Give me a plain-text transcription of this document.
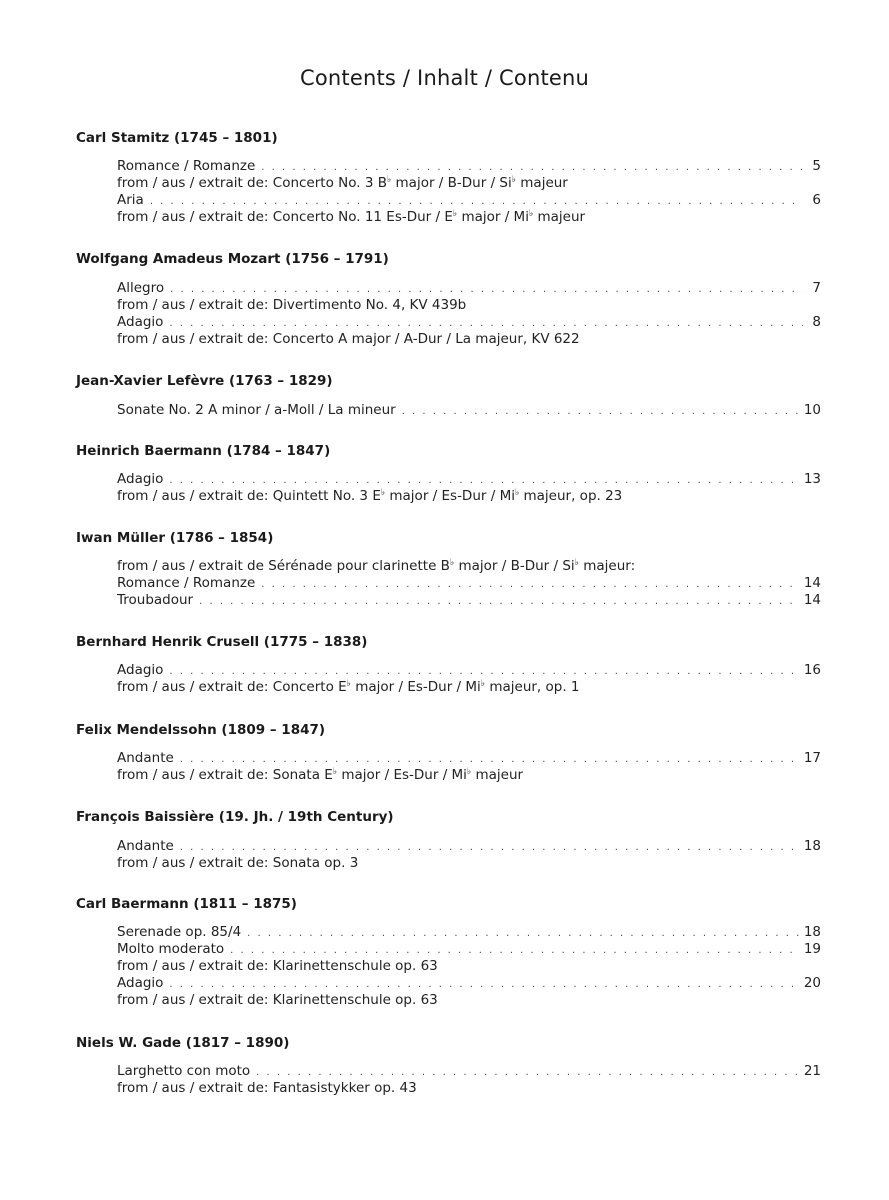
Contents / Inhalt / Contenu
Carl Stamitz (1745 – 1801)
Romance / Romanze . . .	5
from / aus / extrait de: Concerto No. 3 B♭ major / B-Dur / Si♭ majeur
Aria . . .	6
from / aus / extrait de: Concerto No. 11 Es-Dur / E♭ major / Mi♭ majeur
Wolfgang Amadeus Mozart (1756 – 1791)
Allegro . . .	7
from / aus / extrait de: Divertimento No. 4, KV 439b
Adagio . . .	8
from / aus / extrait de: Concerto A major / A-Dur / La majeur, KV 622
Jean-Xavier Lefèvre (1763 – 1829)
Sonate No. 2 A minor / a-Moll / La mineur . . .	10
Heinrich Baermann (1784 – 1847)
Adagio . . .	13
from / aus / extrait de: Quintett No. 3 E♭ major / Es-Dur / Mi♭ majeur, op. 23
Iwan Müller (1786 – 1854)
from / aus / extrait de Sérénade pour clarinette B♭ major / B-Dur / Si♭ majeur:
Romance / Romanze . . .	14
Troubadour . . .	14
Bernhard Henrik Crusell (1775 – 1838)
Adagio . . .	16
from / aus / extrait de: Concerto E♭ major / Es-Dur / Mi♭ majeur, op. 1
Felix Mendelssohn (1809 – 1847)
Andante . . .	17
from / aus / extrait de: Sonata E♭ major / Es-Dur / Mi♭ majeur
François Baissière (19. Jh. / 19th Century)
Andante . . .	18
from / aus / extrait de: Sonata op. 3
Carl Baermann (1811 – 1875)
Serenade op. 85/4 . . .	18
Molto moderato . . .	19
from / aus / extrait de: Klarinettenschule op. 63
Adagio . . .	20
from / aus / extrait de: Klarinettenschule op. 63
Niels W. Gade (1817 – 1890)
Larghetto con moto . . .	21
from / aus / extrait de: Fantasistykker op. 43
